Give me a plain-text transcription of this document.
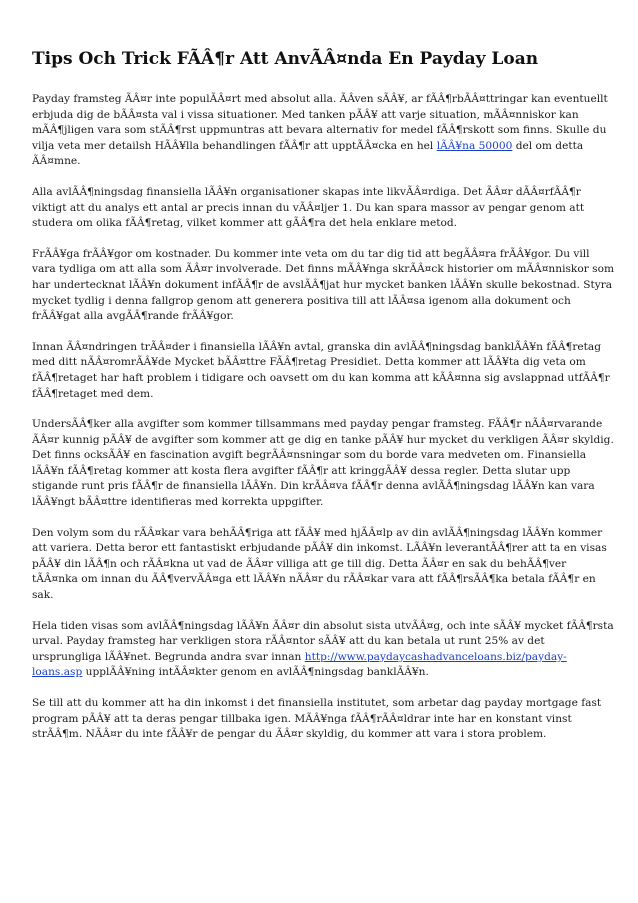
Tips Och Trick FÃÂ¶r Att AnvÃÂ¤nda En Payday Loan

Payday framsteg ÃÂ¤r inte populÃÂ¤rt med absolut alla. ÃÂven sÃÂ¥, ar fÃÂ¶rbÃÂ¤ttringar kan eventuellt erbjuda dig de bÃÂ¤sta val i vissa situationer. Med tanken pÃÂ¥ att varje situation, mÃÂ¤nniskor kan mÃÂ¶jligen vara som stÃÂ¶rst uppmuntras att bevara alternativ for medel fÃÂ¶rskott som finns. Skulle du vilja veta mer detailsh HÃÂ¥lla behandlingen fÃÂ¶r att upptÃÂ¤cka en hel lÃÂ¥na 50000 del om detta ÃÂ¤mne.

Alla avlÃÂ¶ningsdag finansiella lÃÂ¥n organisationer skapas inte likvÃÂ¤rdiga. Det ÃÂ¤r dÃÂ¤rfÃÂ¶r viktigt att du analys ett antal ar precis innan du vÃÂ¤ljer 1. Du kan spara massor av pengar genom att studera om olika fÃÂ¶retag, vilket kommer att gÃÂ¶ra det hela enklare metod.

FrÃÂ¥ga frÃÂ¥gor om kostnader. Du kommer inte veta om du tar dig tid att begÃÂ¤ra frÃÂ¥gor. Du vill vara tydliga om att alla som ÃÂ¤r involverade. Det finns mÃÂ¥nga skrÃÂ¤ck historier om mÃÂ¤nniskor som har undertecknat lÃÂ¥n dokument infÃÂ¶r de avslÃÂ¶jat hur mycket banken lÃÂ¥n skulle bekostnad. Styra mycket tydlig i denna fallgrop genom att generera positiva till att lÃÂ¤sa igenom alla dokument och frÃÂ¥gat alla avgÃÂ¶rande frÃÂ¥gor.

Innan ÃÂ¤ndringen trÃÂ¤der i finansiella lÃÂ¥n avtal, granska din avlÃÂ¶ningsdag banklÃÂ¥n fÃÂ¶retag med ditt nÃÂ¤romrÃÂ¥de Mycket bÃÂ¤ttre FÃÂ¶retag Presidiet. Detta kommer att lÃÂ¥ta dig veta om fÃÂ¶retaget har haft problem i tidigare och oavsett om du kan komma att kÃÂ¤nna sig avslappnad utfÃÂ¶r fÃÂ¶retaget med dem.

UndersÃÂ¶ker alla avgifter som kommer tillsammans med payday pengar framsteg. FÃÂ¶r nÃÂ¤rvarande ÃÂ¤r kunnig pÃÂ¥ de avgifter som kommer att ge dig en tanke pÃÂ¥ hur mycket du verkligen ÃÂ¤r skyldig. Det finns ocksÃÂ¥ en fascination avgift begrÃÂ¤nsningar som du borde vara medveten om. Finansiella lÃÂ¥n fÃÂ¶retag kommer att kosta flera avgifter fÃÂ¶r att kringgÃÂ¥ dessa regler. Detta slutar upp stigande runt pris fÃÂ¶r de finansiella lÃÂ¥n. Din krÃÂ¤va fÃÂ¶r denna avlÃÂ¶ningsdag lÃÂ¥n kan vara lÃÂ¥ngt bÃÂ¤ttre identifieras med korrekta uppgifter.

Den volym som du rÃÂ¤kar vara behÃÂ¶riga att fÃÂ¥ med hjÃÂ¤lp av din avlÃÂ¶ningsdag lÃÂ¥n kommer att variera. Detta beror ett fantastiskt erbjudande pÃÂ¥ din inkomst. LÃÂ¥n leverantÃÂ¶rer att ta en visas pÃÂ¥ din lÃÂ¶n och rÃÂ¤kna ut vad de ÃÂ¤r villiga att ge till dig. Detta ÃÂ¤r en sak du behÃÂ¶ver tÃÂ¤nka om innan du ÃÂ¶vervÃÂ¤ga ett lÃÂ¥n nÃÂ¤r du rÃÂ¤kar vara att fÃÂ¶rsÃÂ¶ka betala fÃÂ¶r en sak.

Hela tiden visas som avlÃÂ¶ningsdag lÃÂ¥n ÃÂ¤r din absolut sista utvÃÂ¤g, och inte sÃÂ¥ mycket fÃÂ¶rsta urval. Payday framsteg har verkligen stora rÃÂ¤ntor sÃÂ¥ att du kan betala ut runt 25% av det ursprungliga lÃÂ¥net. Begrunda andra svar innan http://www.paydaycashadvanceloans.biz/payday-loans.asp upplÃÂ¥ning intÃÂ¤kter genom en avlÃÂ¶ningsdag banklÃÂ¥n.

Se till att du kommer att ha din inkomst i det finansiella institutet, som arbetar dag payday mortgage fast program pÃÂ¥ att ta deras pengar tillbaka igen. MÃÂ¥nga fÃÂ¶rÃÂ¤ldrar inte har en konstant vinst strÃÂ¶m. NÃÂ¤r du inte fÃÂ¥r de pengar du ÃÂ¤r skyldig, du kommer att vara i stora problem.
